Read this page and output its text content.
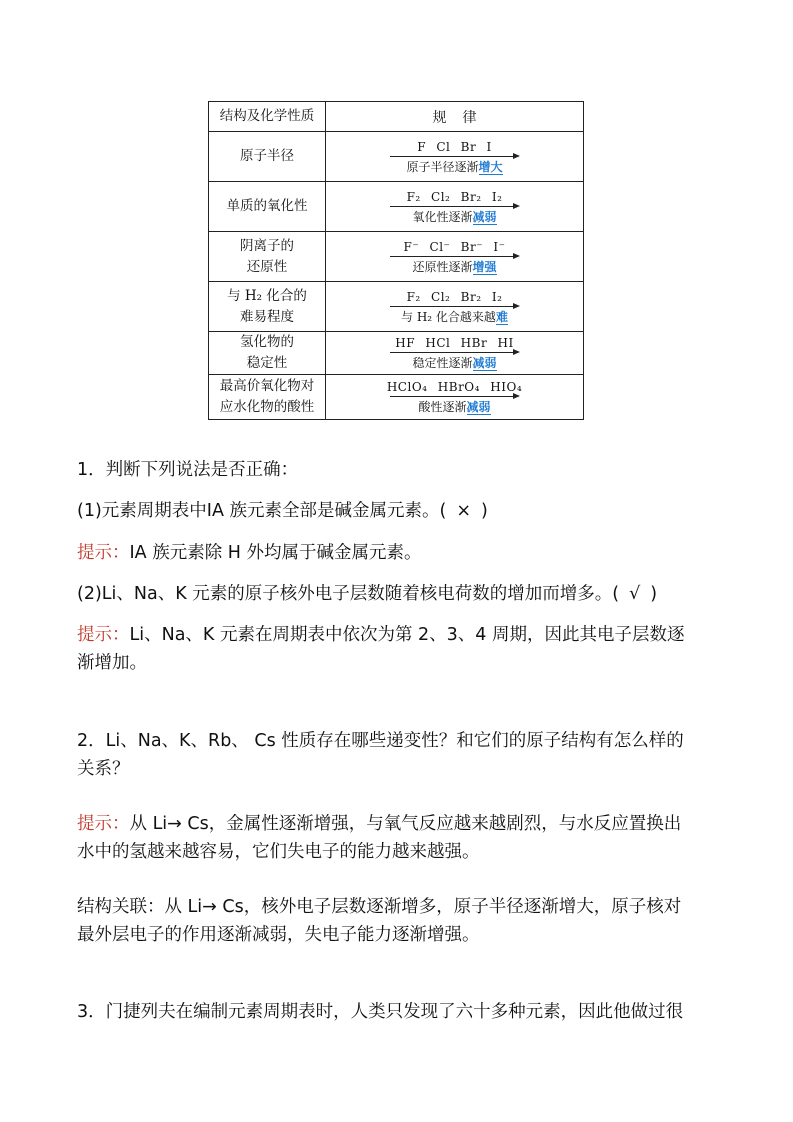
结构及化学性质	规律
原子半径
F Cl Br I
原子半径逐渐增大
单质的氧化性
F₂ Cl₂ Br₂ I₂
氧化性逐渐减弱
阴离子的
还原性
F⁻ Cl⁻ Br⁻ I⁻
还原性逐渐增强
与 H₂ 化合的
难易程度
F₂ Cl₂ Br₂ I₂
与 H₂ 化合越来越难
氢化物的
稳定性
HF HCl HBr HI
稳定性逐渐减弱
最高价氧化物对
应水化物的酸性
HClO₄ HBrO₄ HIO₄
酸性逐渐减弱

1．判断下列说法是否正确：

(1)元素周期表中ⅠA 族元素全部是碱金属元素。( × )

提示：ⅠA 族元素除 H 外均属于碱金属元素。

(2)Li、Na、K 元素的原子核外电子层数随着核电荷数的增加而增多。( √ )

提示：Li、Na、K 元素在周期表中依次为第 2、3、4 周期，因此其电子层数逐
渐增加。

2．Li、Na、K、Rb、 Cs 性质存在哪些递变性？和它们的原子结构有怎么样的
关系？

提示：从 Li→ Cs，金属性逐渐增强，与氧气反应越来越剧烈，与水反应置换出
水中的氢越来越容易，它们失电子的能力越来越强。

结构关联：从 Li→ Cs，核外电子层数逐渐增多，原子半径逐渐增大，原子核对
最外层电子的作用逐渐减弱，失电子能力逐渐增强。

3．门捷列夫在编制元素周期表时，人类只发现了六十多种元素，因此他做过很
